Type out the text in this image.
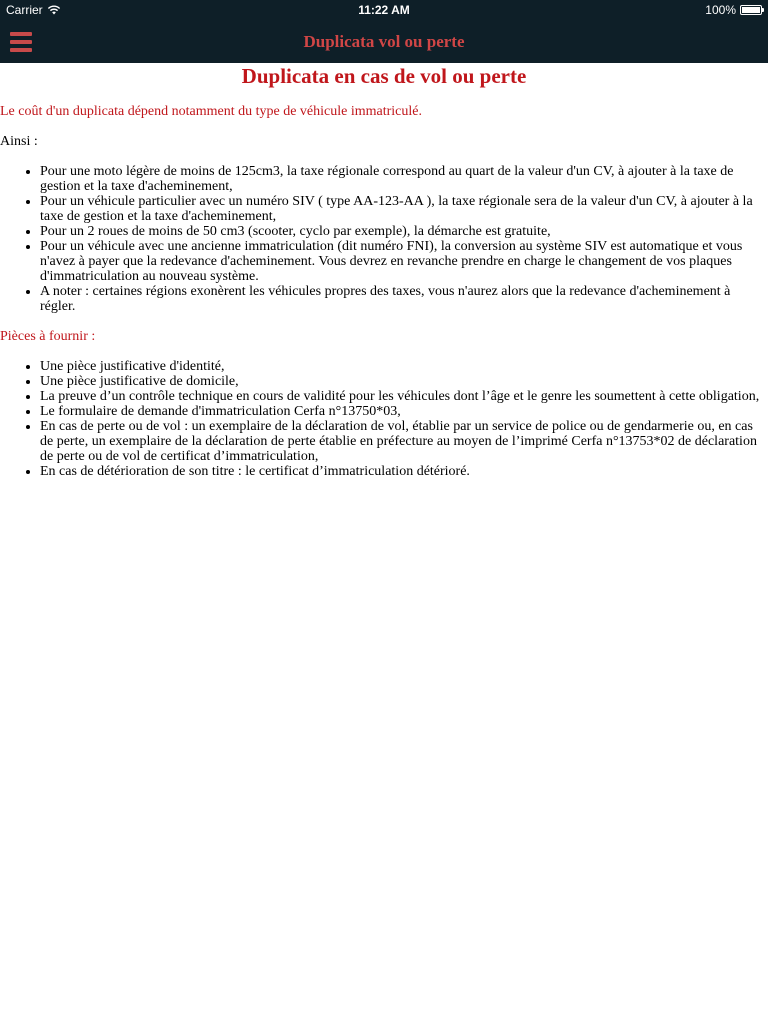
Carrier	11:22 AM	100%
Duplicata vol ou perte
Duplicata en cas de vol ou perte

Le coût d'un duplicata dépend notamment du type de véhicule immatriculé.

Ainsi :

• Pour une moto légère de moins de 125cm3, la taxe régionale correspond au quart de la valeur d'un CV, à ajouter à la taxe de gestion et la taxe d'acheminement,
• Pour un véhicule particulier avec un numéro SIV ( type AA-123-AA ), la taxe régionale sera de la valeur d'un CV, à ajouter à la taxe de gestion et la taxe d'acheminement,
• Pour un 2 roues de moins de 50 cm3 (scooter, cyclo par exemple), la démarche est gratuite,
• Pour un véhicule avec une ancienne immatriculation (dit numéro FNI), la conversion au système SIV est automatique et vous n'avez à payer que la redevance d'acheminement. Vous devrez en revanche prendre en charge le changement de vos plaques d'immatriculation au nouveau système.
• A noter : certaines régions exonèrent les véhicules propres des taxes, vous n'aurez alors que la redevance d'acheminement à régler.

Pièces à fournir :

• Une pièce justificative d'identité,
• Une pièce justificative de domicile,
• La preuve d’un contrôle technique en cours de validité pour les véhicules dont l’âge et le genre les soumettent à cette obligation,
• Le formulaire de demande d'immatriculation Cerfa n°13750*03,
• En cas de perte ou de vol : un exemplaire de la déclaration de vol, établie par un service de police ou de gendarmerie ou, en cas de perte, un exemplaire de la déclaration de perte établie en préfecture au moyen de l’imprimé Cerfa n°13753*02 de déclaration de perte ou de vol de certificat d’immatriculation,
• En cas de détérioration de son titre : le certificat d’immatriculation détérioré.
